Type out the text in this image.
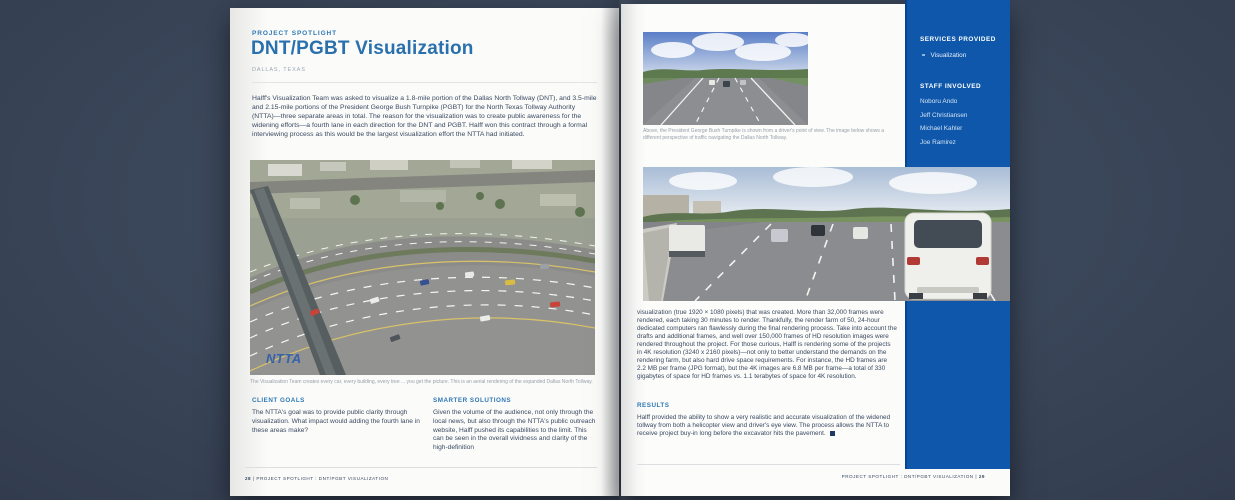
PROJECT SPOTLIGHT
DNT/PGBT Visualization
DALLAS, TEXAS
Halff's Visualization Team was asked to visualize a 1.8-mile portion of the Dallas North Tollway (DNT), and 3.5-mile and 2.15-mile portions of the President George Bush Turnpike (PGBT) for the North Texas Tollway Authority (NTTA)—three separate areas in total. The reason for the visualization was to create public awareness for the widening efforts—a fourth lane in each direction for the DNT and PGBT. Halff won this contract through a formal interviewing process as this would be the largest visualization effort the NTTA had initiated.
NTTA
The Visualization Team creates every car, every building, every tree ... you get the picture. This is an aerial rendering of the expanded Dallas North Tollway.
CLIENT GOALS
The NTTA's goal was to provide public clarity through visualization. What impact would adding the fourth lane in these areas make?
SMARTER SOLUTIONS
Given the volume of the audience, not only through the local news, but also through the NTTA's public outreach website, Halff pushed its capabilities to the limit. This can be seen in the overall vividness and clarity of the high-definition
28 | PROJECT SPOTLIGHT : DNT/PGBT VISUALIZATION
SERVICES PROVIDED
Visualization
STAFF INVOLVED
Noboru Ando
Jeff Christiansen
Michael Kahler
Joe Ramirez
Above, the President George Bush Turnpike is shown from a driver's point of view. The image below shows a different perspective of traffic navigating the Dallas North Tollway.
visualization (true 1920 × 1080 pixels) that was created. More than 32,000 frames were rendered, each taking 30 minutes to render. Thankfully, the render farm of 50, 24-hour dedicated computers ran flawlessly during the final rendering process. Take into account the drafts and additional frames, and well over 150,000 frames of HD resolution images were rendered throughout the project. For those curious, Halff is rendering some of the projects in 4K resolution (3240 x 2160 pixels)—not only to better understand the demands on the rendering farm, but also hard drive space requirements. For instance, the HD frames are 2.2 MB per frame (JPG format), but the 4K images are 6.8 MB per frame—a total of 330 gigabytes of space for HD frames vs. 1.1 terabytes of space for 4K resolution.
RESULTS
Halff provided the ability to show a very realistic and accurate visualization of the widened tollway from both a helicopter view and driver's eye view. The process allows the NTTA to receive project buy-in long before the excavator hits the pavement.
PROJECT SPOTLIGHT : DNT/PGBT VISUALIZATION | 29
